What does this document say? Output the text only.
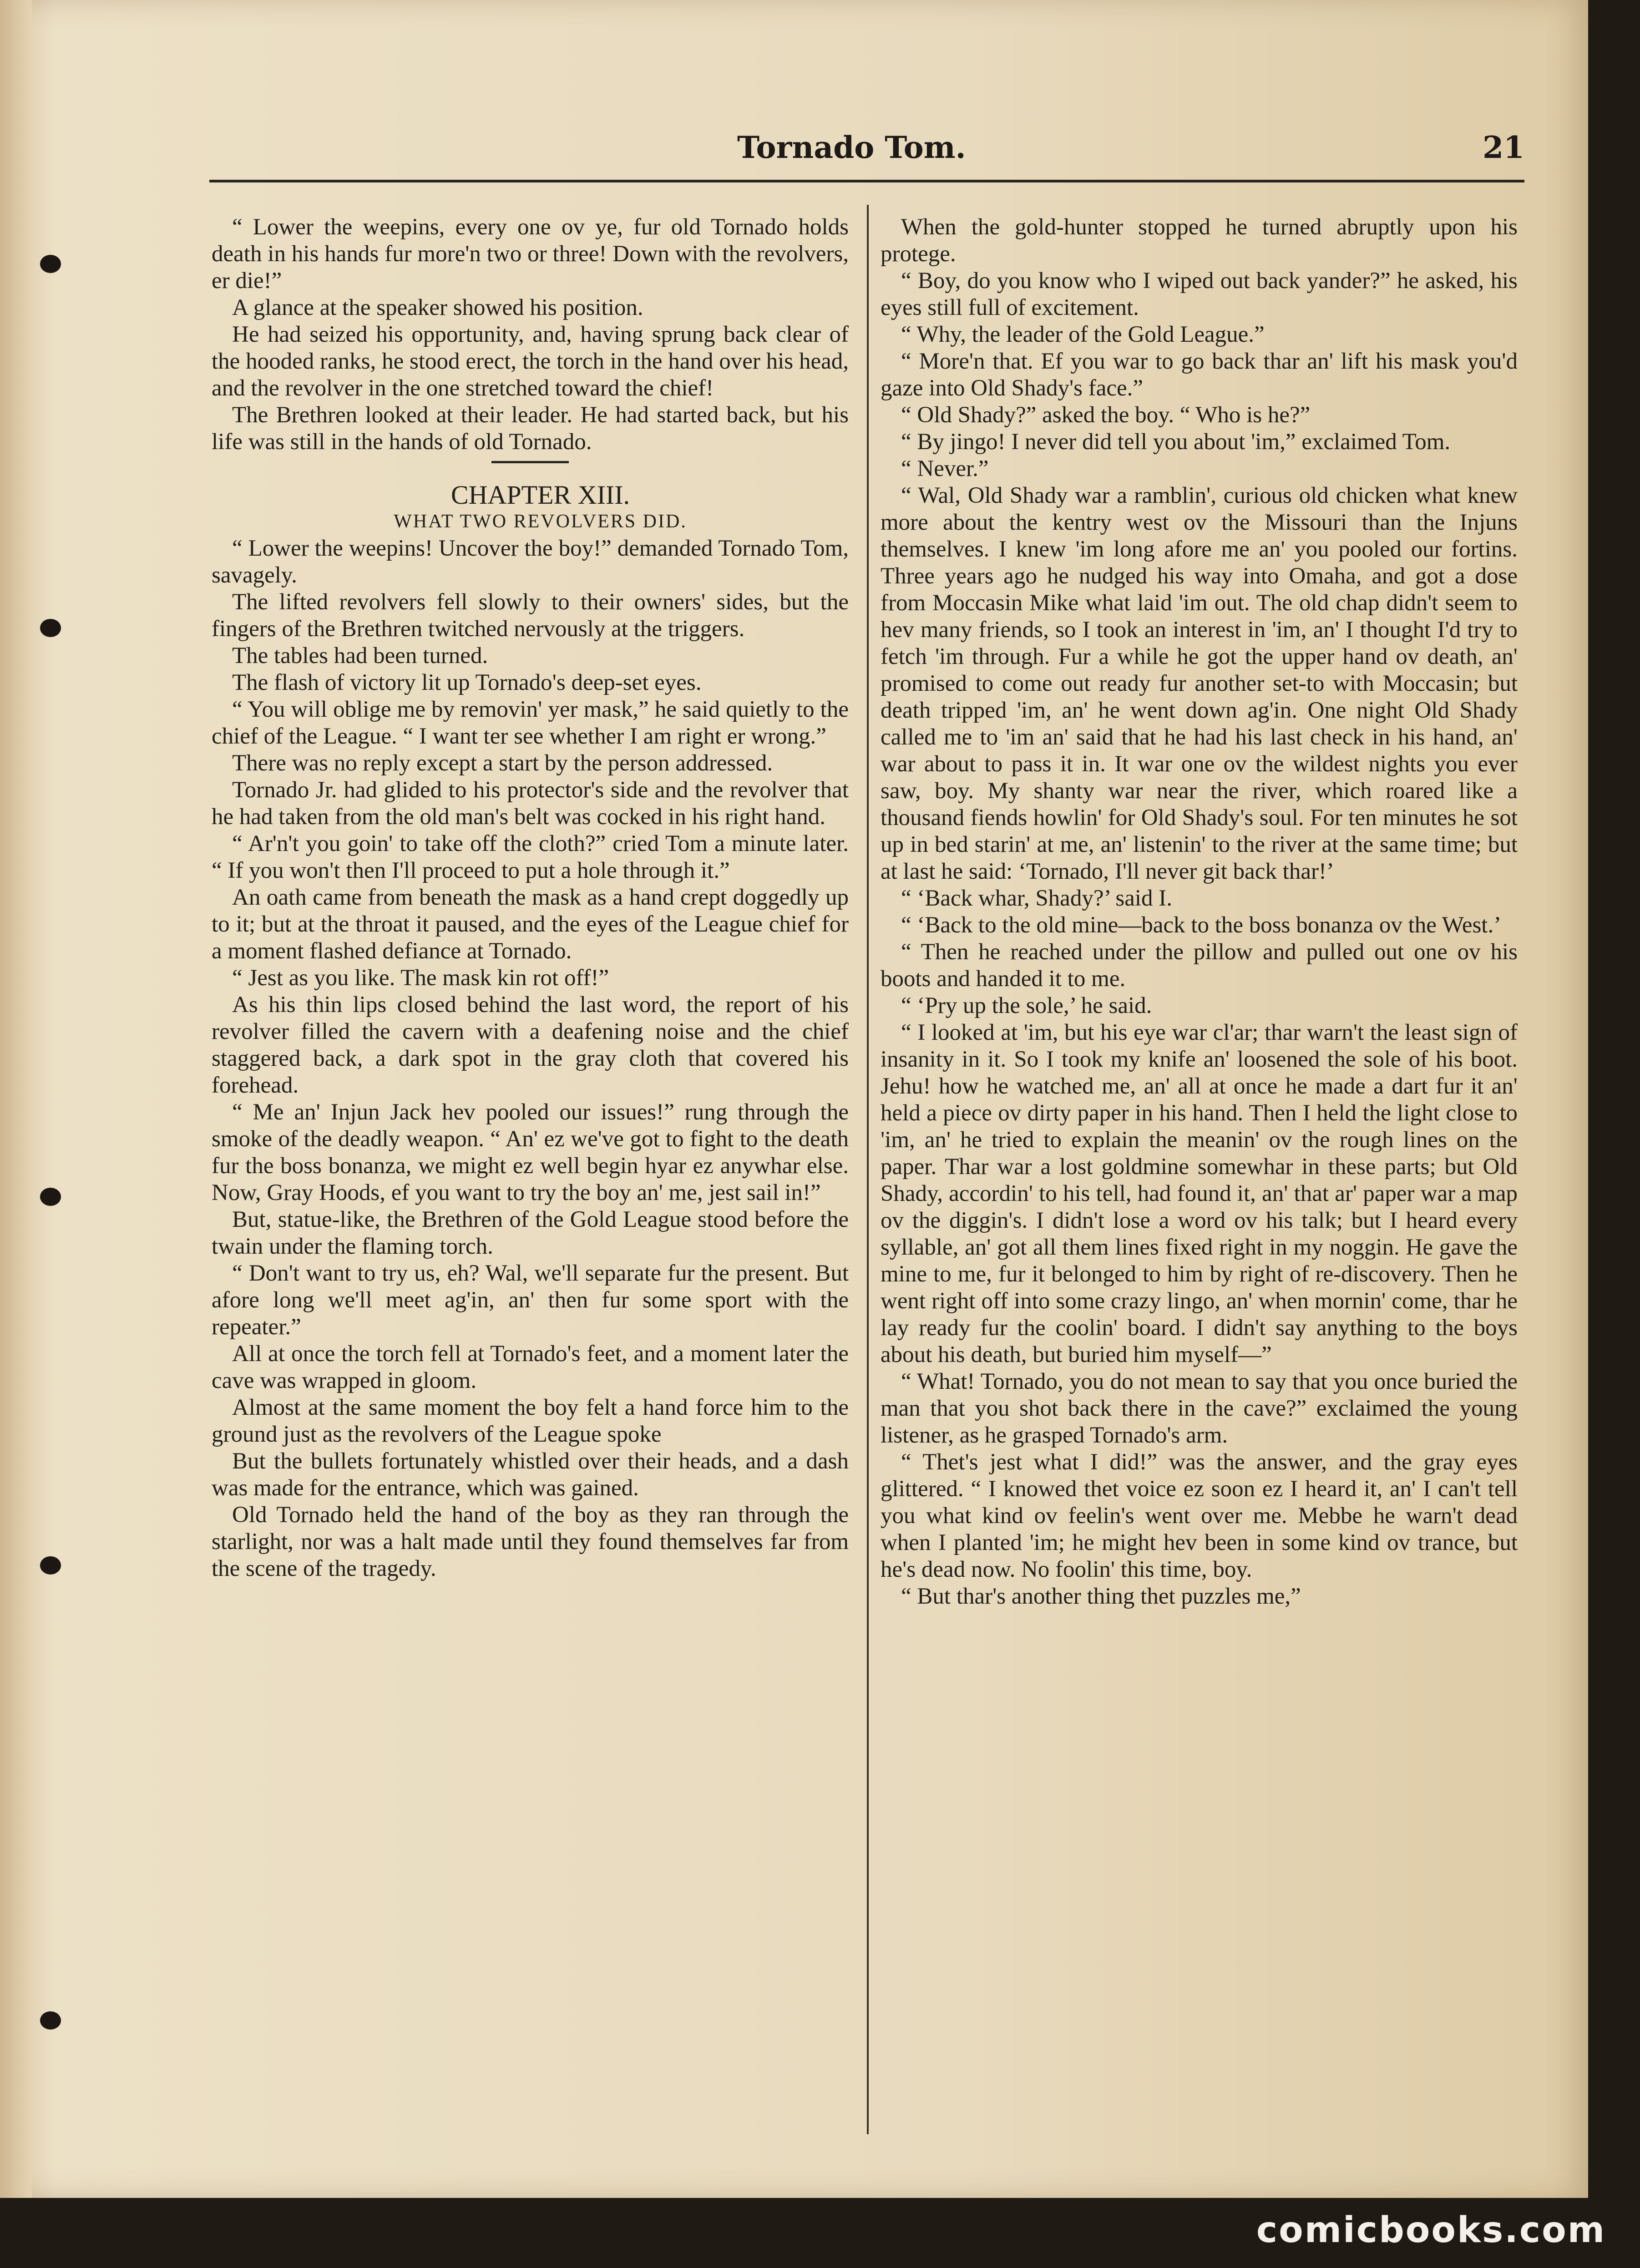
Tornado Tom.	21

“ Lower the weepins, every one ov ye, fur old Tornado holds death in his hands fur more'n two or three! Down with the revolvers, er die!”

A glance at the speaker showed his position.

He had seized his opportunity, and, having sprung back clear of the hooded ranks, he stood erect, the torch in the hand over his head, and the revolver in the one stretched toward the chief!

The Brethren looked at their leader. He had started back, but his life was still in the hands of old Tornado.

CHAPTER XIII.

WHAT TWO REVOLVERS DID.

“ Lower the weepins! Uncover the boy!” demanded Tornado Tom, savagely.

The lifted revolvers fell slowly to their owners' sides, but the fingers of the Brethren twitched nervously at the triggers.

The tables had been turned.

The flash of victory lit up Tornado's deep-set eyes.

“ You will oblige me by removin' yer mask,” he said quietly to the chief of the League. “ I want ter see whether I am right er wrong.”

There was no reply except a start by the person addressed.

Tornado Jr. had glided to his protector's side and the revolver that he had taken from the old man's belt was cocked in his right hand.

“ Ar'n't you goin' to take off the cloth?” cried Tom a minute later. “ If you won't then I'll proceed to put a hole through it.”

An oath came from beneath the mask as a hand crept doggedly up to it; but at the throat it paused, and the eyes of the League chief for a moment flashed defiance at Tornado.

“ Jest as you like. The mask kin rot off!”

As his thin lips closed behind the last word, the report of his revolver filled the cavern with a deafening noise and the chief staggered back, a dark spot in the gray cloth that covered his forehead.

“ Me an' Injun Jack hev pooled our issues!” rung through the smoke of the deadly weapon. “ An' ez we've got to fight to the death fur the boss bonanza, we might ez well begin hyar ez anywhar else. Now, Gray Hoods, ef you want to try the boy an' me, jest sail in!”

But, statue-like, the Brethren of the Gold League stood before the twain under the flaming torch.

“ Don't want to try us, eh? Wal, we'll separate fur the present. But afore long we'll meet ag'in, an' then fur some sport with the repeater.”

All at once the torch fell at Tornado's feet, and a moment later the cave was wrapped in gloom.

Almost at the same moment the boy felt a hand force him to the ground just as the revolvers of the League spoke

But the bullets fortunately whistled over their heads, and a dash was made for the entrance, which was gained.

Old Tornado held the hand of the boy as they ran through the starlight, nor was a halt made until they found themselves far from the scene of the tragedy.

When the gold-hunter stopped he turned abruptly upon his protege.

“ Boy, do you know who I wiped out back yander?” he asked, his eyes still full of excitement.

“ Why, the leader of the Gold League.”

“ More'n that. Ef you war to go back thar an' lift his mask you'd gaze into Old Shady's face.”

“ Old Shady?” asked the boy. “ Who is he?”

“ By jingo! I never did tell you about 'im,” exclaimed Tom.

“ Never.”

“ Wal, Old Shady war a ramblin', curious old chicken what knew more about the kentry west ov the Missouri than the Injuns themselves. I knew 'im long afore me an' you pooled our fortins. Three years ago he nudged his way into Omaha, and got a dose from Moccasin Mike what laid 'im out. The old chap didn't seem to hev many friends, so I took an interest in 'im, an' I thought I'd try to fetch 'im through. Fur a while he got the upper hand ov death, an' promised to come out ready fur another set-to with Moccasin; but death tripped 'im, an' he went down ag'in. One night Old Shady called me to 'im an' said that he had his last check in his hand, an' war about to pass it in. It war one ov the wildest nights you ever saw, boy. My shanty war near the river, which roared like a thousand fiends howlin' for Old Shady's soul. For ten minutes he sot up in bed starin' at me, an' listenin' to the river at the same time; but at last he said: ‘Tornado, I'll never git back thar!’

“ ‘Back whar, Shady?’ said I.

“ ‘Back to the old mine—back to the boss bonanza ov the West.’

“ Then he reached under the pillow and pulled out one ov his boots and handed it to me.

“ ‘Pry up the sole,’ he said.

“ I looked at 'im, but his eye war cl'ar; thar warn't the least sign of insanity in it. So I took my knife an' loosened the sole of his boot. Jehu! how he watched me, an' all at once he made a dart fur it an' held a piece ov dirty paper in his hand. Then I held the light close to 'im, an' he tried to explain the meanin' ov the rough lines on the paper. Thar war a lost goldmine somewhar in these parts; but Old Shady, accordin' to his tell, had found it, an' that ar' paper war a map ov the diggin's. I didn't lose a word ov his talk; but I heard every syllable, an' got all them lines fixed right in my noggin. He gave the mine to me, fur it belonged to him by right of re-discovery. Then he went right off into some crazy lingo, an' when mornin' come, thar he lay ready fur the coolin' board. I didn't say anything to the boys about his death, but buried him myself—”

“ What! Tornado, you do not mean to say that you once buried the man that you shot back there in the cave?” exclaimed the young listener, as he grasped Tornado's arm.

“ Thet's jest what I did!” was the answer, and the gray eyes glittered. “ I knowed thet voice ez soon ez I heard it, an' I can't tell you what kind ov feelin's went over me. Mebbe he warn't dead when I planted 'im; he might hev been in some kind ov trance, but he's dead now. No foolin' this time, boy.

“ But thar's another thing thet puzzles me,”

comicbooks.com
